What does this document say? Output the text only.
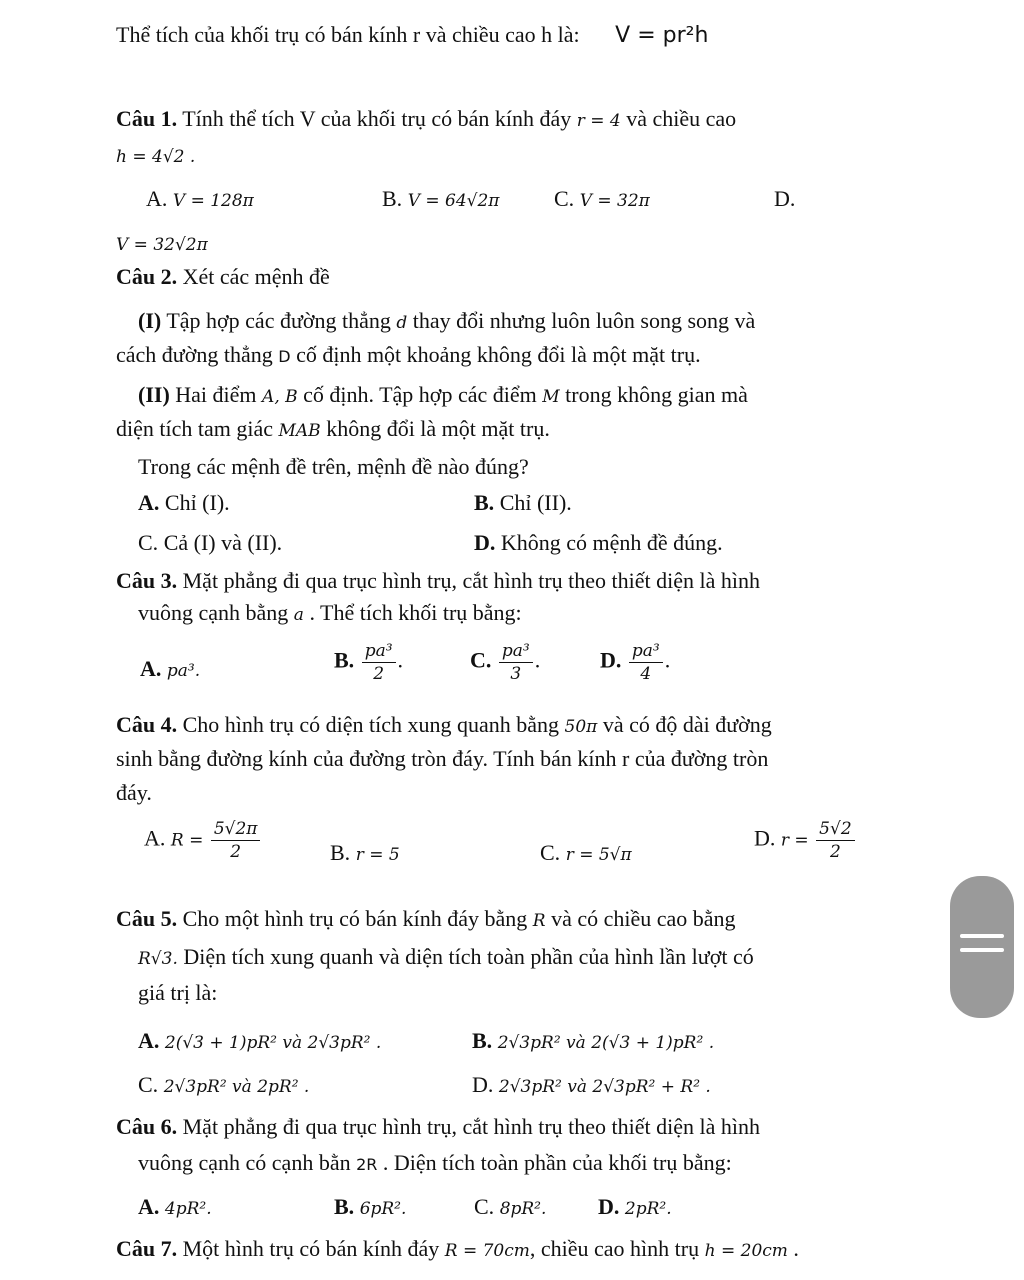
Thể tích của khối trụ có bán kính r và chiều cao h là: V = pr²h
Câu 1. Tính thể tích V của khối trụ có bán kính đáy r = 4 và chiều cao
h = 4√2 .
A. V = 128π	B. V = 64√2π C. V = 32π	D.
V = 32√2π
Câu 2. Xét các mệnh đề
(I) Tập hợp các đường thẳng d thay đổi nhưng luôn luôn song song và
cách đường thẳng D cố định một khoảng không đổi là một mặt trụ.
(II) Hai điểm A, B cố định. Tập hợp các điểm M trong không gian mà
diện tích tam giác MAB không đổi là một mặt trụ.
Trong các mệnh đề trên, mệnh đề nào đúng?
A. Chỉ (I).	B. Chỉ (II).
C. Cả (I) và (II).	D. Không có mệnh đề đúng.
Câu 3. Mặt phẳng đi qua trục hình trụ, cắt hình trụ theo thiết diện là hình
vuông cạnh bằng a . Thể tích khối trụ bằng:
A. pa³.	B. $\frac{\text{pa³}}{2}$ .	C. $\frac{\text{pa³}}{3}$ .	D. $\frac{\text{pa³}}{4}$ .
Câu 4. Cho hình trụ có diện tích xung quanh bằng 50π và có độ dài đường
sinh bằng đường kính của đường tròn đáy. Tính bán kính r của đường tròn
đáy.
A. $R = \frac{5√2\pi}{2}$	B. r = 5	C. r = 5√π
D. $r = \frac{5√2}{2}$
Câu 5. Cho một hình trụ có bán kính đáy bằng R và có chiều cao bằng
R√3. Diện tích xung quanh và diện tích toàn phần của hình lần lượt có
giá trị là:
A. 2(√3 + 1)pR² và 2√3pR² .	B. 2√3pR² và 2(√3 + 1)pR² .
C. 2√3pR² và 2pR² .	D. 2√3pR² và 2√3pR² + R² .
Câu 6. Mặt phẳng đi qua trục hình trụ, cắt hình trụ theo thiết diện là hình
vuông cạnh có cạnh bằn 2R . Diện tích toàn phần của khối trụ bằng:
A. 4pR².	B. 6pR².	C. 8pR². D. 2pR².
Câu 7. Một hình trụ có bán kính đáy R = 70cm, chiều cao hình trụ h = 20cm .
